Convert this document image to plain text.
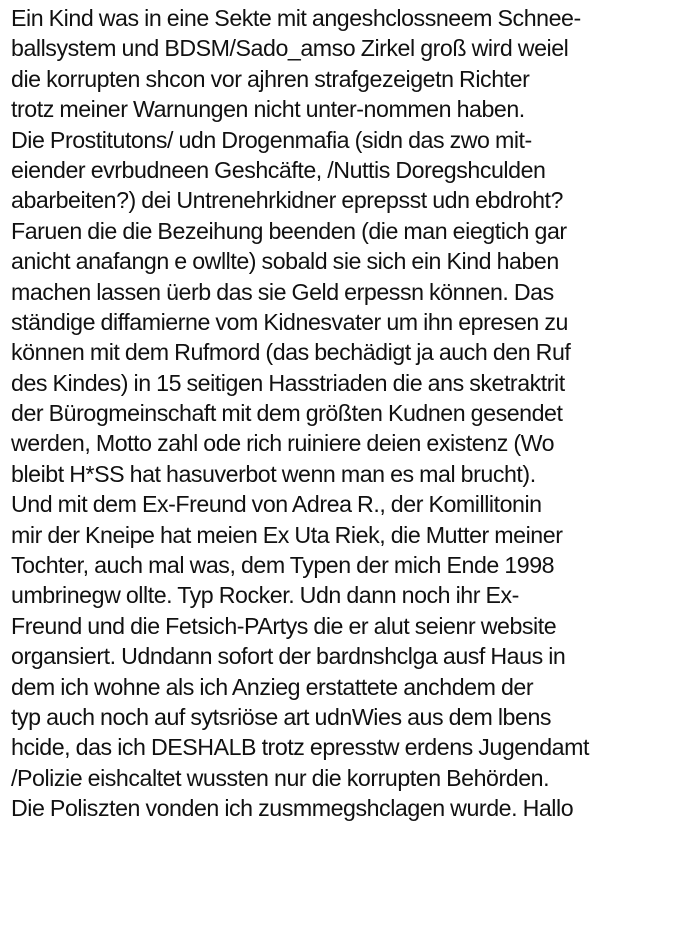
Ein Kind was in eine Sekte mit angeshclossneem Schnee-
ballsystem und BDSM/Sado_amso Zirkel groß wird weiel
die korrupten shcon vor ajhren strafgezeigetn Richter
trotz meiner Warnungen nicht unter-nommen haben.
Die Prostitutons/ udn Drogenmafia (sidn das zwo mit-
eiender evrbudneen Geshcäfte, /Nuttis Doregshculden
abarbeiten?) dei Untrenehrkidner eprepsst udn ebdroht?
Faruen die die Bezeihung beenden (die man eiegtich gar
anicht anafangn e owllte) sobald sie sich ein Kind haben
machen lassen üerb das sie Geld erpessn können. Das
ständige diffamierne vom Kidnesvater um ihn epresen zu
können mit dem Rufmord (das bechädigt ja auch den Ruf
des Kindes) in 15 seitigen Hasstriaden die ans sketraktrit
der Bürogmeinschaft mit dem größten Kudnen gesendet
werden, Motto zahl ode rich ruiniere deien existenz (Wo
bleibt H*SS hat hasuverbot wenn man es mal brucht).
Und mit dem Ex-Freund von Adrea R., der Komillitonin
mir der Kneipe hat meien Ex Uta Riek, die Mutter meiner
Tochter, auch mal was, dem Typen der mich Ende 1998
umbrinegw ollte. Typ Rocker. Udn dann noch ihr Ex-
Freund und die Fetsich-PArtys die er alut seienr website
organsiert. Udndann sofort der bardnshclga ausf Haus in
dem ich wohne als ich Anzieg erstattete anchdem der
typ auch noch auf sytsriöse art udnWies aus dem lbens
hcide, das ich DESHALB trotz epresstw erdens Jugendamt
/Polizie eishcaltet wussten nur die korrupten Behörden.
Die Poliszten vonden ich zusmmegshclagen wurde. Hallo
